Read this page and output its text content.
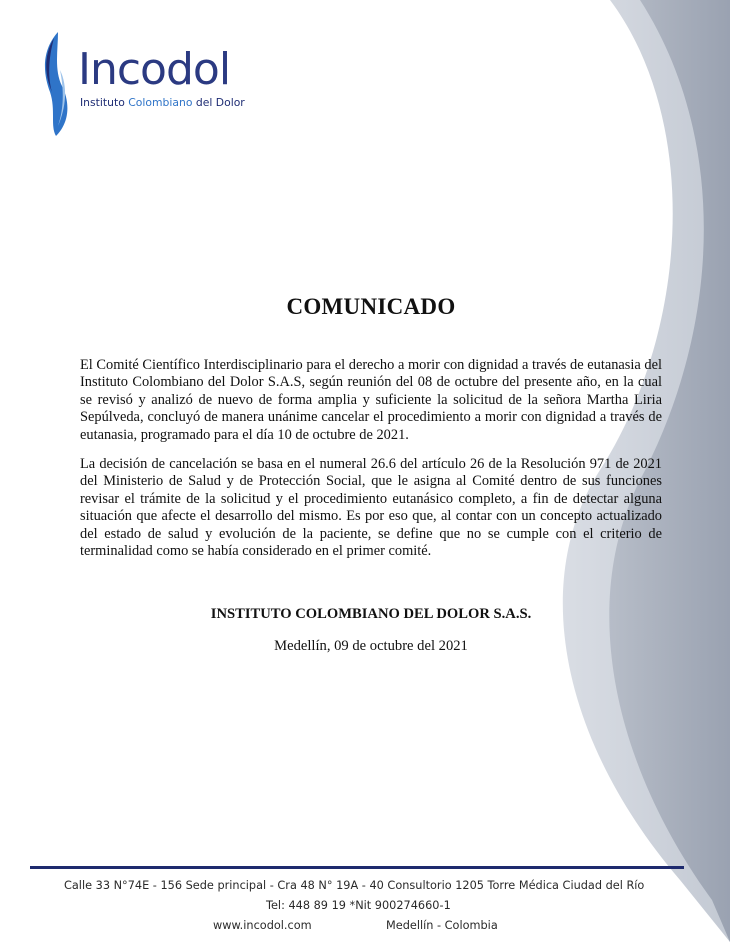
Incodol
Instituto Colombiano del Dolor
COMUNICADO

El Comité Científico Interdisciplinario para el derecho a morir con dignidad a través de eutanasia del Instituto Colombiano del Dolor S.A.S, según reunión del 08 de octubre del presente año, en la cual se revisó y analizó de nuevo de forma amplia y suficiente la solicitud de la señora Martha Liria Sepúlveda, concluyó de manera unánime cancelar el procedimiento a morir con dignidad a través de eutanasia, programado para el día 10 de octubre de 2021.

La decisión de cancelación se basa en el numeral 26.6 del artículo 26 de la Resolución 971 de 2021 del Ministerio de Salud y de Protección Social, que le asigna al Comité dentro de sus funciones revisar el trámite de la solicitud y el procedimiento eutanásico completo, a fin de detectar alguna situación que afecte el desarrollo del mismo. Es por eso que, al contar con un concepto actualizado del estado de salud y evolución de la paciente, se define que no se cumple con el criterio de terminalidad como se había considerado en el primer comité.

INSTITUTO COLOMBIANO DEL DOLOR S.A.S.
Medellín, 09 de octubre del 2021
Calle 33 N°74E - 156 Sede principal - Cra 48 N° 19A - 40 Consultorio 1205 Torre Médica Ciudad del Río
Tel: 448 89 19 *Nit 900274660-1
www.incodol.com	Medellín - Colombia
